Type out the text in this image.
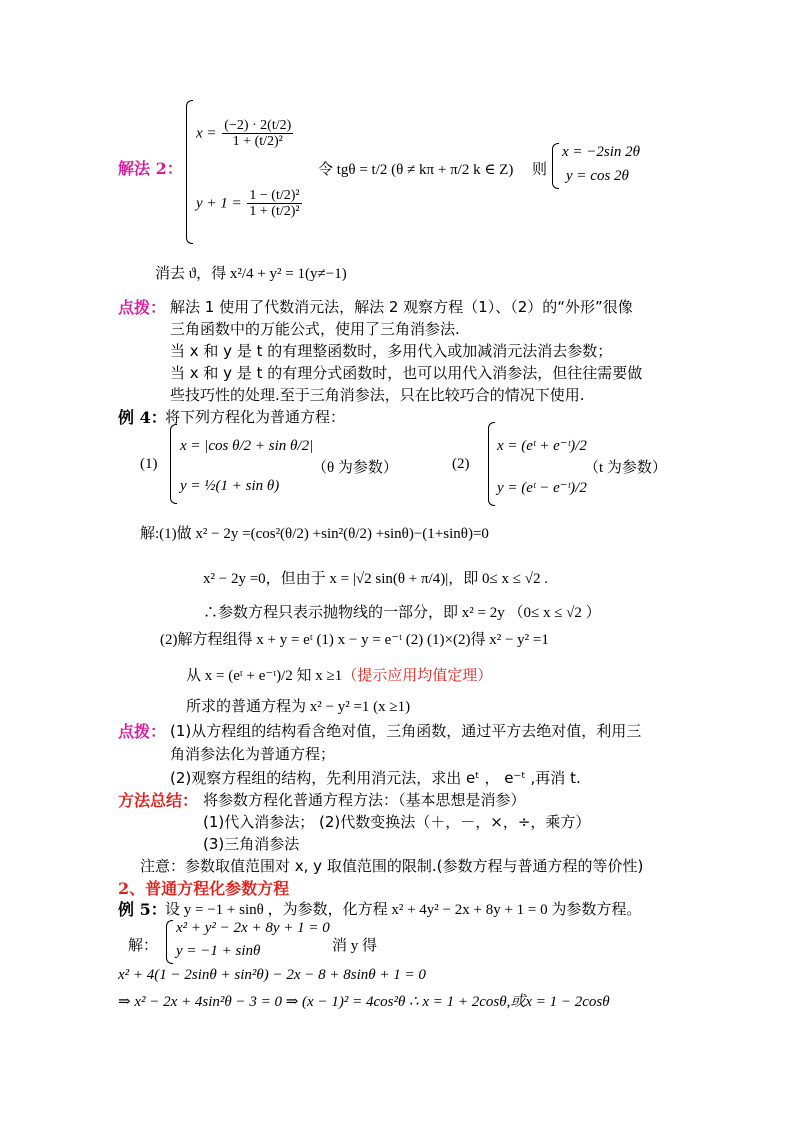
解法 2：
$x = \frac{(-2) \cdot 2(t/2)}{\text{1 + (t/2)²}}$
$y + 1 = \frac{\text{1 − (t/2)²}}{\text{1 + (t/2)²}}$
令 tgθ = t/2 (θ ≠ kπ + π/2 k ∈ Z) 则
x = −2sin 2θ
y = cos 2θ
消去 ϑ，得 x²/4 + y² = 1(y≠−1)
点拨： 解法 1 使用了代数消元法，解法 2 观察方程（1）、（2）的“外形”很像
三角函数中的万能公式，使用了三角消参法.
当 x 和 y 是 t 的有理整函数时，多用代入或加减消元法消去参数；
当 x 和 y 是 t 的有理分式函数时，也可以用代入消参法，但往往需要做
些技巧性的处理.至于三角消参法，只在比较巧合的情况下使用.
例 4：
将下列方程化为普通方程：
(1)
x = |cos θ/2 + sin θ/2|
y = ½(1 + sin θ)
（θ 为参数）	(2)
x = (eᵗ + e⁻ᵗ)/2
y = (eᵗ − e⁻ᵗ)/2
（t 为参数）
解:(1)做 x² − 2y =(cos²(θ/2) +sin²(θ/2) +sinθ)−(1+sinθ)=0
x² − 2y =0，但由于 x = |√2 sin(θ + π/4)|，即 0≤ x ≤ √2 .
∴参数方程只表示抛物线的一部分，即 x² = 2y （0≤ x ≤ √2 ）
(2)解方程组得 x + y = eᵗ (1) x − y = e⁻ᵗ (2) (1)×(2)得 x² − y² =1
从 x = (eᵗ + e⁻ᵗ)/2 知 x ≥1（提示应用均值定理）
所求的普通方程为 x² − y² =1 (x ≥1)
点拨： (1)从方程组的结构看含绝对值，三角函数，通过平方去绝对值，利用三
角消参法化为普通方程；
(2)观察方程组的结构，先利用消元法，求出 eᵗ ， e⁻ᵗ ,再消 t.
方法总结： 将参数方程化普通方程方法：（基本思想是消参）
(1)代入消参法； (2)代数变换法（＋，－，×，÷，乘方）
(3)三角消参法
注意：参数取值范围对 x, y 取值范围的限制.(参数方程与普通方程的等价性)
2、普通方程化参数方程
例 5：
设 y = −1 + sinθ ，为参数，化方程 x² + 4y² − 2x + 8y + 1 = 0 为参数方程。
解：
x² + y² − 2x + 8y + 1 = 0
y = −1 + sinθ	消 y 得
x² + 4(1 − 2sinθ + sin²θ) − 2x − 8 + 8sinθ + 1 = 0
⇒ x² − 2x + 4sin²θ − 3 = 0 ⇒ (x − 1)² = 4cos²θ ∴ x = 1 + 2cosθ,或x = 1 − 2cosθ
